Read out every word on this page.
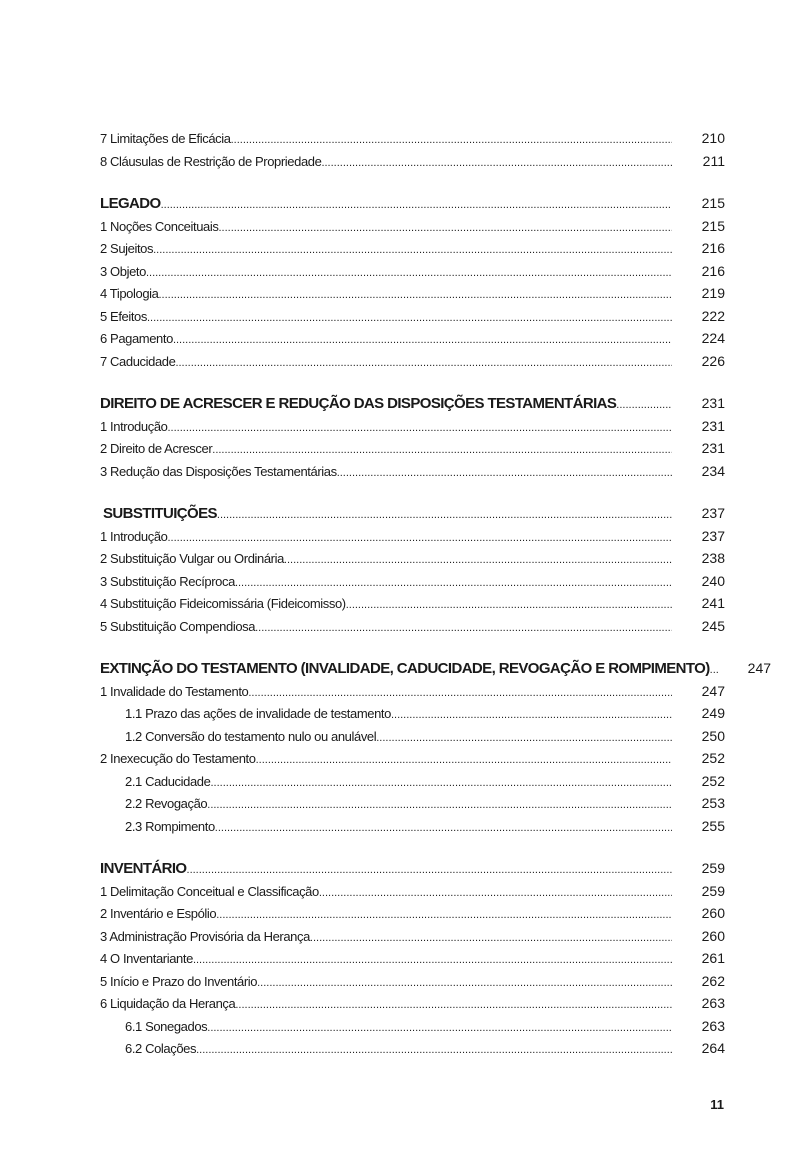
7 Limitações de Eficácia .....	210
8 Cláusulas de Restrição de Propriedade .....	211
LEGADO .....	215
1 Noções Conceituais .....	215
2 Sujeitos .....	216
3 Objeto .....	216
4 Tipologia .....	219
5 Efeitos .....	222
6 Pagamento .....	224
7 Caducidade .....	226
DIREITO DE ACRESCER E REDUÇÃO DAS DISPOSIÇÕES TESTAMENTÁRIAS .....	231
1 Introdução .....	231
2 Direito de Acrescer .....	231
3 Redução das Disposições Testamentárias .....	234
SUBSTITUIÇÕES .....	237
1 Introdução .....	237
2 Substituição Vulgar ou Ordinária .....	238
3 Substituição Recíproca .....	240
4 Substituição Fideicomissária (Fideicomisso) .....	241
5 Substituição Compendiosa .....	245
EXTINÇÃO DO TESTAMENTO (INVALIDADE, CADUCIDADE, REVOGAÇÃO E ROMPIMENTO) .....	247
1 Invalidade do Testamento .....	247
1.1 Prazo das ações de invalidade de testamento .....	249
1.2 Conversão do testamento nulo ou anulável .....	250
2 Inexecução do Testamento .....	252
2.1 Caducidade .....	252
2.2 Revogação .....	253
2.3 Rompimento .....	255
INVENTÁRIO .....	259
1 Delimitação Conceitual e Classificação .....	259
2 Inventário e Espólio .....	260
3 Administração Provisória da Herança .....	260
4 O Inventariante .....	261
5 Início e Prazo do Inventário .....	262
6 Liquidação da Herança .....	263
6.1 Sonegados .....	263
6.2 Colações .....	264
11
